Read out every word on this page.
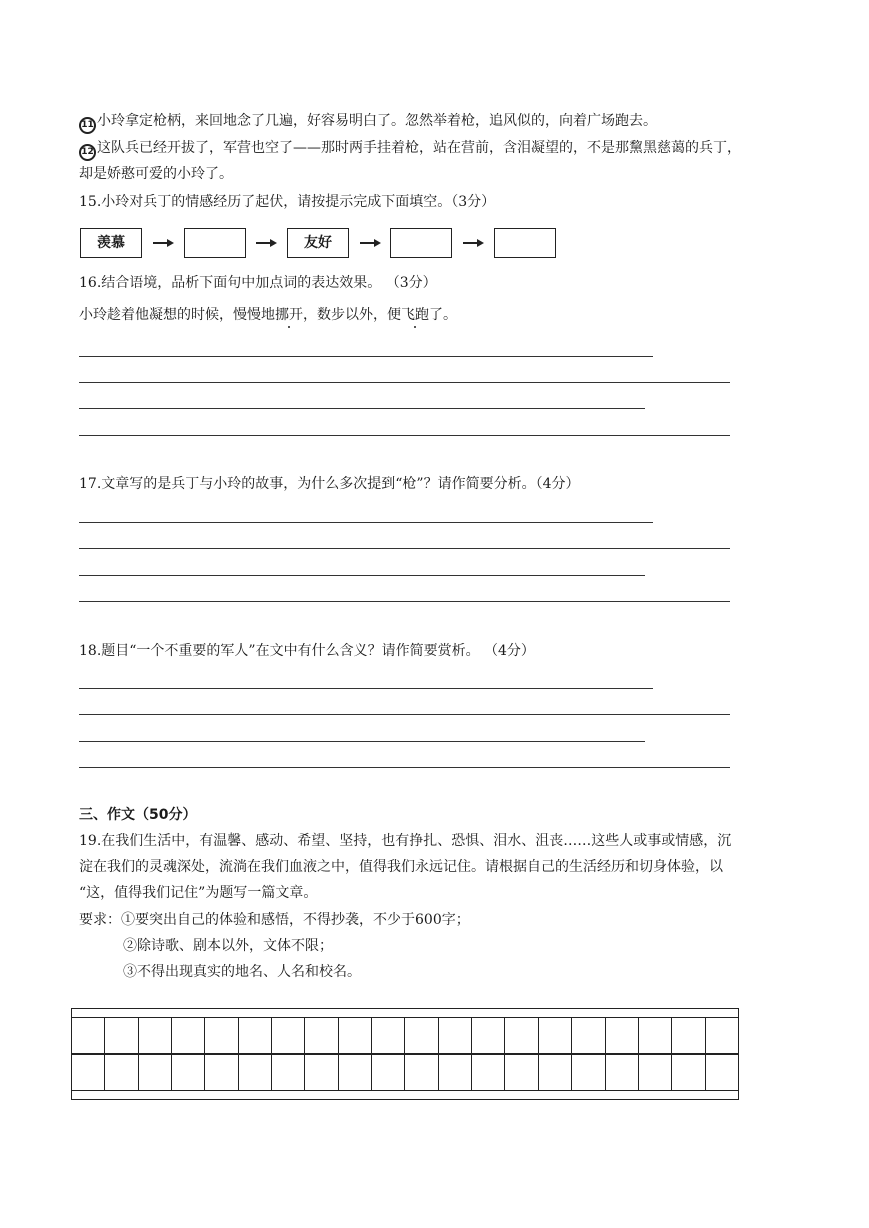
11 小玲拿定枪柄，来回地念了几遍，好容易明白了。忽然举着枪，追风似的，向着广场跑去。
12 这队兵已经开拔了，军营也空了——那时两手挂着枪，站在营前，含泪凝望的，不是那黧黑慈蔼的兵丁，
却是娇憨可爱的小玲了。
15.小玲对兵丁的情感经历了起伏，请按提示完成下面填空。（3分）
羡慕	友好
16.结合语境，品析下面句中加点词的表达效果。 （3分）
小玲趁着他凝想的时候，慢慢地挪开，数步以外，便飞跑了。
17.文章写的是兵丁与小玲的故事，为什么多次提到“枪”？请作简要分析。（4分）
18.题目“一个不重要的军人”在文中有什么含义？请作简要赏析。 （4分）
三、作文（50分）
19.在我们生活中，有温馨、感动、希望、坚持，也有挣扎、恐惧、泪水、沮丧……这些人或事或情感，沉
淀在我们的灵魂深处，流淌在我们血液之中，值得我们永远记住。请根据自己的生活经历和切身体验，以
“这，值得我们记住”为题写一篇文章。
要求：①要突出自己的体验和感悟，不得抄袭，不少于600字；
②除诗歌、剧本以外，文体不限；
③不得出现真实的地名、人名和校名。
